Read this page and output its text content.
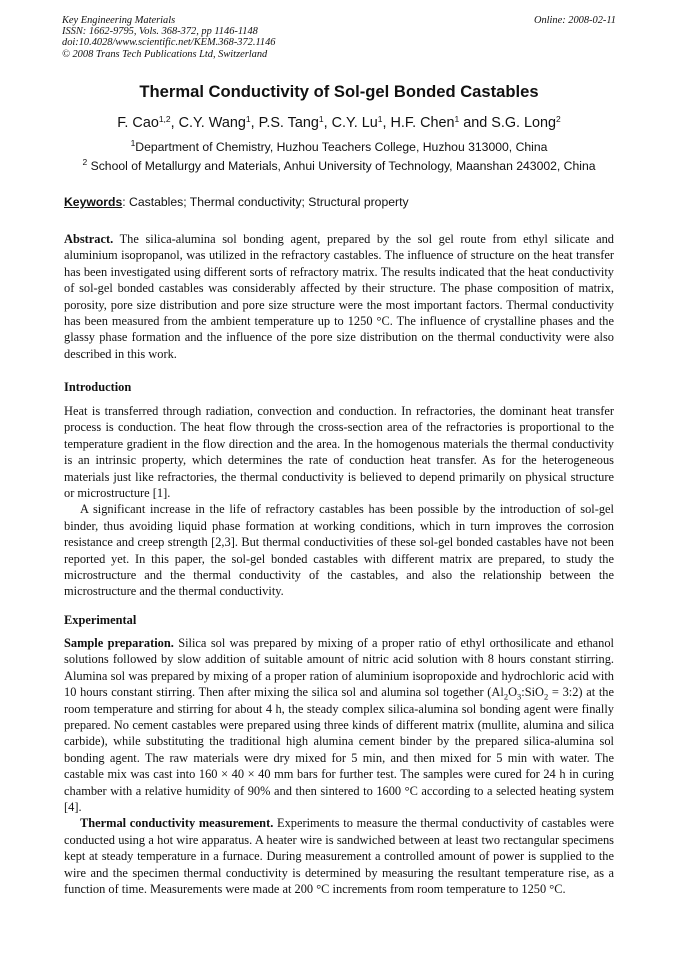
Key Engineering Materials
ISSN: 1662-9795, Vols. 368-372, pp 1146-1148
doi:10.4028/www.scientific.net/KEM.368-372.1146
© 2008 Trans Tech Publications Ltd, Switzerland
Online: 2008-02-11
Thermal Conductivity of Sol-gel Bonded Castables
F. Cao$^{1,2}$, C.Y. Wang$^1$, P.S. Tang$^1$, C.Y. Lu$^1$, H.F. Chen$^1$ and S.G. Long$^2$
$^1$Department of Chemistry, Huzhou Teachers College, Huzhou 313000, China
$^2$ School of Metallurgy and Materials, Anhui University of Technology, Maanshan 243002, China
Keywords: Castables; Thermal conductivity; Structural property

Abstract. The silica-alumina sol bonding agent, prepared by the sol gel route from ethyl silicate and aluminium isopropanol, was utilized in the refractory castables. The influence of structure on the heat transfer has been investigated using different sorts of refractory matrix. The results indicated that the heat conductivity of sol-gel bonded castables was considerably affected by their structure. The phase composition of matrix, porosity, pore size distribution and pore size structure were the most important factors. Thermal conductivity has been measured from the ambient temperature up to 1250 °C. The influence of crystalline phases and the glassy phase formation and the influence of the pore size distribution on the thermal conductivity were also described in this work.

Introduction

Heat is transferred through radiation, convection and conduction. In refractories, the dominant heat transfer process is conduction. The heat flow through the cross-section area of the refractories is proportional to the temperature gradient in the flow direction and the area. In the homogenous materials the thermal conductivity is an intrinsic property, which determines the rate of conduction heat transfer. As for the heterogeneous materials just like refractories, the thermal conductivity is believed to depend primarily on physical structure or microstructure [1].

A significant increase in the life of refractory castables has been possible by the introduction of sol-gel binder, thus avoiding liquid phase formation at working conditions, which in turn improves the corrosion resistance and creep strength [2,3]. But thermal conductivities of these sol-gel bonded castables have not been reported yet. In this paper, the sol-gel bonded castables with different matrix are prepared, to study the microstructure and the thermal conductivity of the castables, and also the relationship between the microstructure and the thermal conductivity.

Experimental

Sample preparation. Silica sol was prepared by mixing of a proper ratio of ethyl orthosilicate and ethanol solutions followed by slow addition of suitable amount of nitric acid solution with 8 hours constant stirring. Alumina sol was prepared by mixing of a proper ration of aluminium isopropoxide and hydrochloric acid with 10 hours constant stirring. Then after mixing the silica sol and alumina sol together ($Al_2O_3:SiO_2$ = 3:2) at the room temperature and stirring for about 4 h, the steady complex silica-alumina sol bonding agent were finally prepared. No cement castables were prepared using three kinds of different matrix (mullite, alumina and silica carbide), while substituting the traditional high alumina cement binder by the prepared silica-alumina sol bonding agent. The raw materials were dry mixed for 5 min, and then mixed for 5 min with water. The castable mix was cast into 160 × 40 × 40 mm bars for further test. The samples were cured for 24 h in curing chamber with a relative humidity of 90% and then sintered to 1600 °C according to a selected heating system [4].

Thermal conductivity measurement. Experiments to measure the thermal conductivity of castables were conducted using a hot wire apparatus. A heater wire is sandwiched between at least two rectangular specimens kept at steady temperature in a furnace. During measurement a controlled amount of power is supplied to the wire and the specimen thermal conductivity is determined by measuring the resultant temperature rise, as a function of time. Measurements were made at 200 °C increments from room temperature to 1250 °C.
